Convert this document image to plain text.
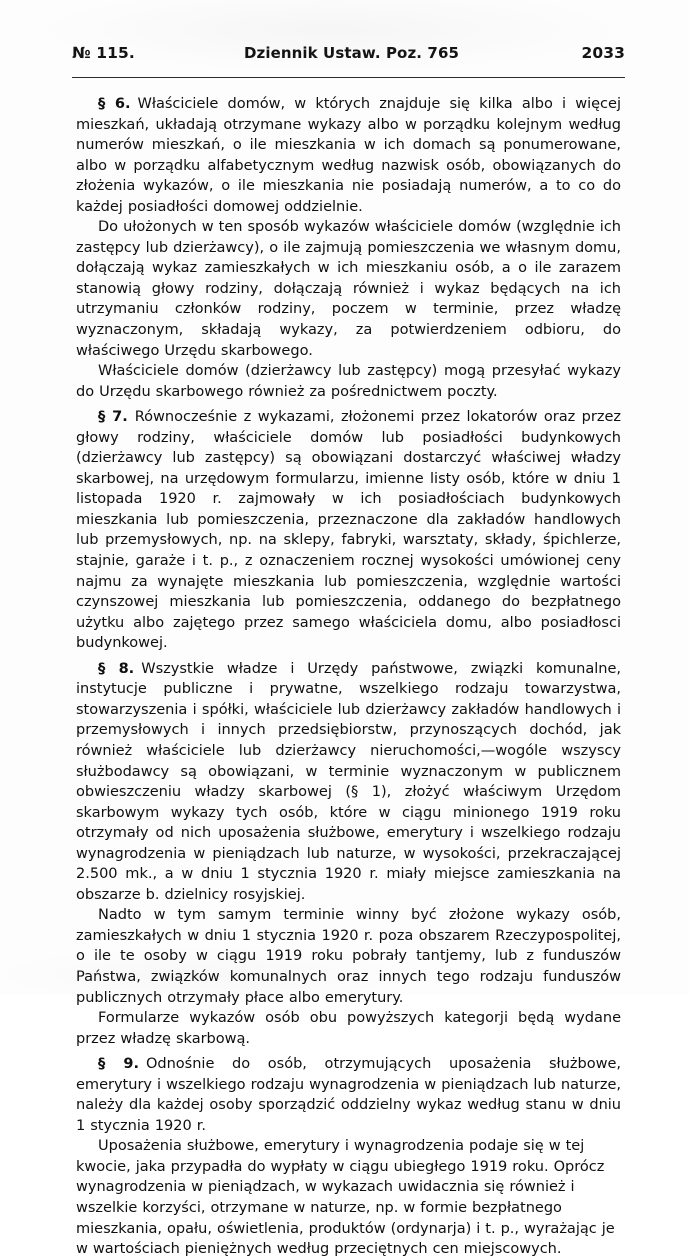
№ 115.	Dziennik Ustaw. Poz. 765	2033

§ 6. Właściciele domów, w których znajduje się kilka albo i więcej mieszkań, układają otrzymane wykazy albo w porządku kolejnym według numerów mieszkań, o ile mieszkania w ich domach są ponumerowane, albo w porządku alfabetycznym według nazwisk osób, obowiązanych do złożenia wykazów, o ile mieszkania nie posiadają numerów, a to co do każdej posiadłości domowej oddzielnie.

Do ułożonych w ten sposób wykazów właściciele domów (względnie ich zastępcy lub dzierżawcy), o ile zajmują pomieszczenia we własnym domu, dołączają wykaz zamieszkałych w ich mieszkaniu osób, a o ile zarazem stanowią głowy rodziny, dołączają również i wykaz będących na ich utrzymaniu członków rodziny, poczem w terminie, przez władzę wyznaczonym, składają wykazy, za potwierdzeniem odbioru, do właściwego Urzędu skarbowego.

Właściciele domów (dzierżawcy lub zastępcy) mogą przesyłać wykazy do Urzędu skarbowego również za pośrednictwem poczty.

§ 7. Równocześnie z wykazami, złożonemi przez lokatorów oraz przez głowy rodziny, właściciele domów lub posiadłości budynkowych (dzierżawcy lub zastępcy) są obowiązani dostarczyć właściwej władzy skarbowej, na urzędowym formularzu, imienne listy osób, które w dniu 1 listopada 1920 r. zajmowały w ich posiadłościach budynkowych mieszkania lub pomieszczenia, przeznaczone dla zakładów handlowych lub przemysłowych, np. na sklepy, fabryki, warsztaty, składy, śpichlerze, stajnie, garaże i t. p., z oznaczeniem rocznej wysokości umówionej ceny najmu za wynajęte mieszkania lub pomieszczenia, względnie wartości czynszowej mieszkania lub pomieszczenia, oddanego do bezpłatnego użytku albo zajętego przez samego właściciela domu, albo posiadłosci budynkowej.

§ 8. Wszystkie władze i Urzędy państwowe, związki komunalne, instytucje publiczne i prywatne, wszelkiego rodzaju towarzystwa, stowarzyszenia i spółki, właściciele lub dzierżawcy zakładów handlowych i przemysłowych i innych przedsiębiorstw, przynoszących dochód, jak również właściciele lub dzierżawcy nieruchomości,—wogóle wszyscy służbodawcy są obowiązani, w terminie wyznaczonym w publicznem obwieszczeniu władzy skarbowej (§ 1), złożyć właściwym Urzędom skarbowym wykazy tych osób, które w ciągu minionego 1919 roku otrzymały od nich uposażenia służbowe, emerytury i wszelkiego rodzaju wynagrodzenia w pieniądzach lub naturze, w wysokości, przekraczającej 2.500 mk., a w dniu 1 stycznia 1920 r. miały miejsce zamieszkania na obszarze b. dzielnicy rosyjskiej.

Nadto w tym samym terminie winny być złożone wykazy osób, zamieszkałych w dniu 1 stycznia 1920 r. poza obszarem Rzeczypospolitej, o ile te osoby w ciągu 1919 roku pobrały tantjemy, lub z funduszów Państwa, związków komunalnych oraz innych tego rodzaju funduszów publicznych otrzymały płace albo emerytury.

Formularze wykazów osób obu powyższych kategorji będą wydane przez władzę skarbową.

§ 9. Odnośnie do osób, otrzymujących uposażenia służbowe, emerytury i wszelkiego rodzaju wynagrodzenia w pieniądzach lub naturze, należy dla każdej osoby sporządzić oddzielny wykaz według stanu w dniu 1 stycznia 1920 r.

Uposażenia służbowe, emerytury i wynagrodzenia podaje się w tej kwocie, jaka przypadła do wypłaty w ciągu ubiegłego 1919 roku. Oprócz wynagrodzenia w pieniądzach, w wykazach uwidacznia się również i wszelkie korzyści, otrzymane w naturze, np. w formie bezpłatnego mieszkania, opału, oświetlenia, produktów (ordynarja) i t. p., wyrażając je w wartościach pieniężnych według przeciętnych cen miejscowych.
